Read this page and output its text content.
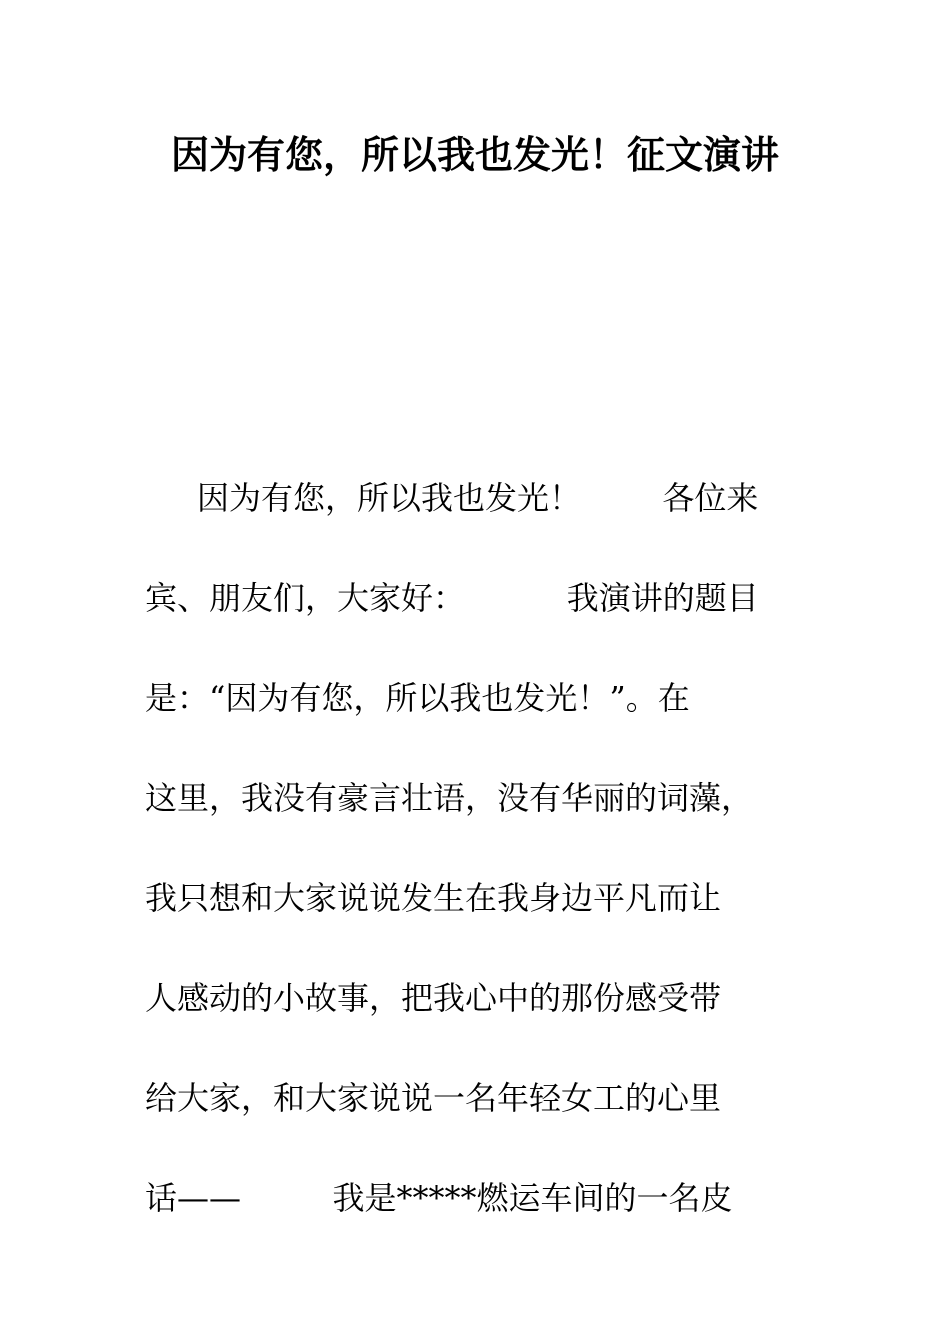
因为有您，所以我也发光！征文演讲

因为有您，所以我也发光！        各位来

宾、朋友们，大家好：          我演讲的题目

是：“因为有您，所以我也发光！”。在

这里，我没有豪言壮语，没有华丽的词藻，

我只想和大家说说发生在我身边平凡而让

人感动的小故事，把我心中的那份感受带

给大家，和大家说说一名年轻女工的心里

话——         我是*****燃运车间的一名皮
